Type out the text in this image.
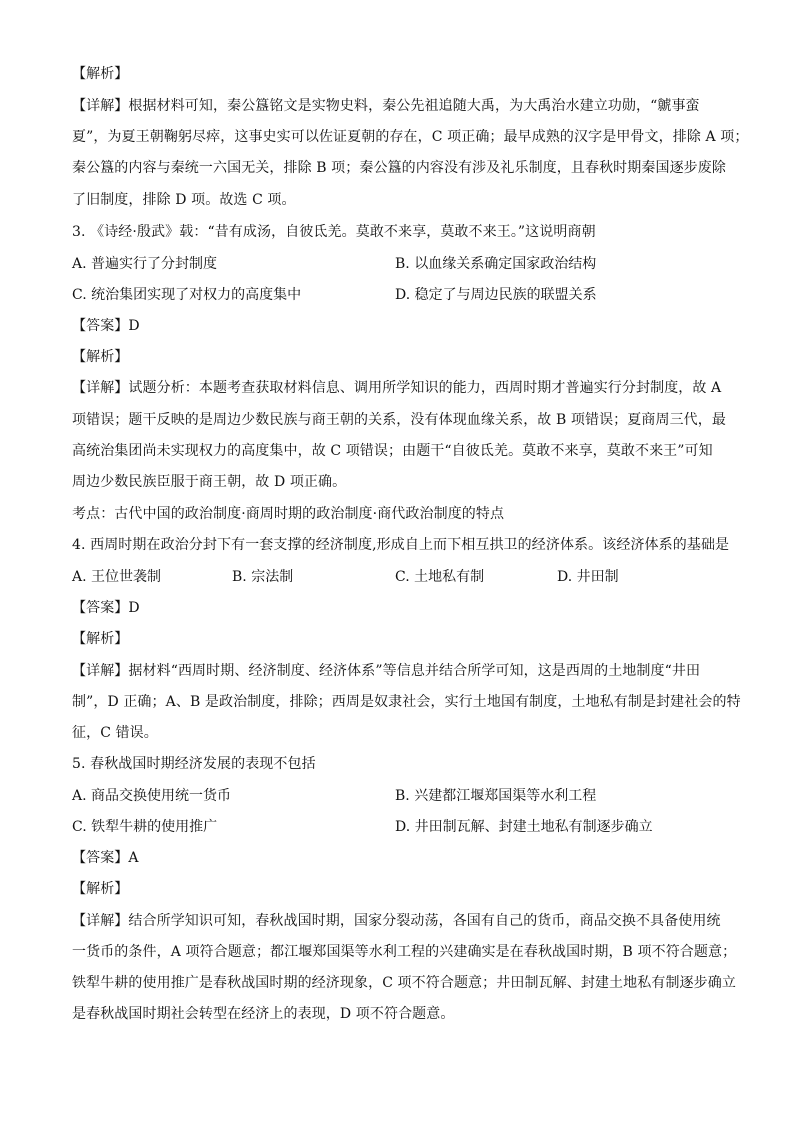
【解析】
【详解】根据材料可知，秦公簋铭文是实物史料，秦公先祖追随大禹，为大禹治水建立功勋，“虩事蛮
夏”，为夏王朝鞠躬尽瘁，这事史实可以佐证夏朝的存在，C 项正确；最早成熟的汉字是甲骨文，排除 A 项；
秦公簋的内容与秦统一六国无关，排除 B 项；秦公簋的内容没有涉及礼乐制度，且春秋时期秦国逐步废除
了旧制度，排除 D 项。故选 C 项。
3. 《诗经·殷武》载：“昔有成汤，自彼氐羌。莫敢不来享，莫敢不来王。”这说明商朝
A. 普遍实行了分封制度	B. 以血缘关系确定国家政治结构
C. 统治集团实现了对权力的高度集中	D. 稳定了与周边民族的联盟关系
【答案】D
【解析】
【详解】试题分析：本题考查获取材料信息、调用所学知识的能力，西周时期才普遍实行分封制度，故 A
项错误；题干反映的是周边少数民族与商王朝的关系，没有体现血缘关系，故 B 项错误；夏商周三代，最
高统治集团尚未实现权力的高度集中，故 C 项错误；由题干“自彼氐羌。莫敢不来享，莫敢不来王”可知
周边少数民族臣服于商王朝，故 D 项正确。
考点：古代中国的政治制度·商周时期的政治制度·商代政治制度的特点
4. 西周时期在政治分封下有一套支撑的经济制度,形成自上而下相互拱卫的经济体系。该经济体系的基础是
A. 王位世袭制	B. 宗法制	C. 土地私有制	D. 井田制
【答案】D
【解析】
【详解】据材料“西周时期、经济制度、经济体系”等信息并结合所学可知，这是西周的土地制度“井田
制”，D 正确；A、B 是政治制度，排除；西周是奴隶社会，实行土地国有制度，土地私有制是封建社会的特
征，C 错误。
5. 春秋战国时期经济发展的表现不包括
A. 商品交换使用统一货币	B. 兴建都江堰郑国渠等水利工程
C. 铁犁牛耕的使用推广	D. 井田制瓦解、封建土地私有制逐步确立
【答案】A
【解析】
【详解】结合所学知识可知，春秋战国时期，国家分裂动荡，各国有自己的货币，商品交换不具备使用统
一货币的条件，A 项符合题意；都江堰郑国渠等水利工程的兴建确实是在春秋战国时期，B 项不符合题意；
铁犁牛耕的使用推广是春秋战国时期的经济现象，C 项不符合题意；井田制瓦解、封建土地私有制逐步确立
是春秋战国时期社会转型在经济上的表现，D 项不符合题意。
